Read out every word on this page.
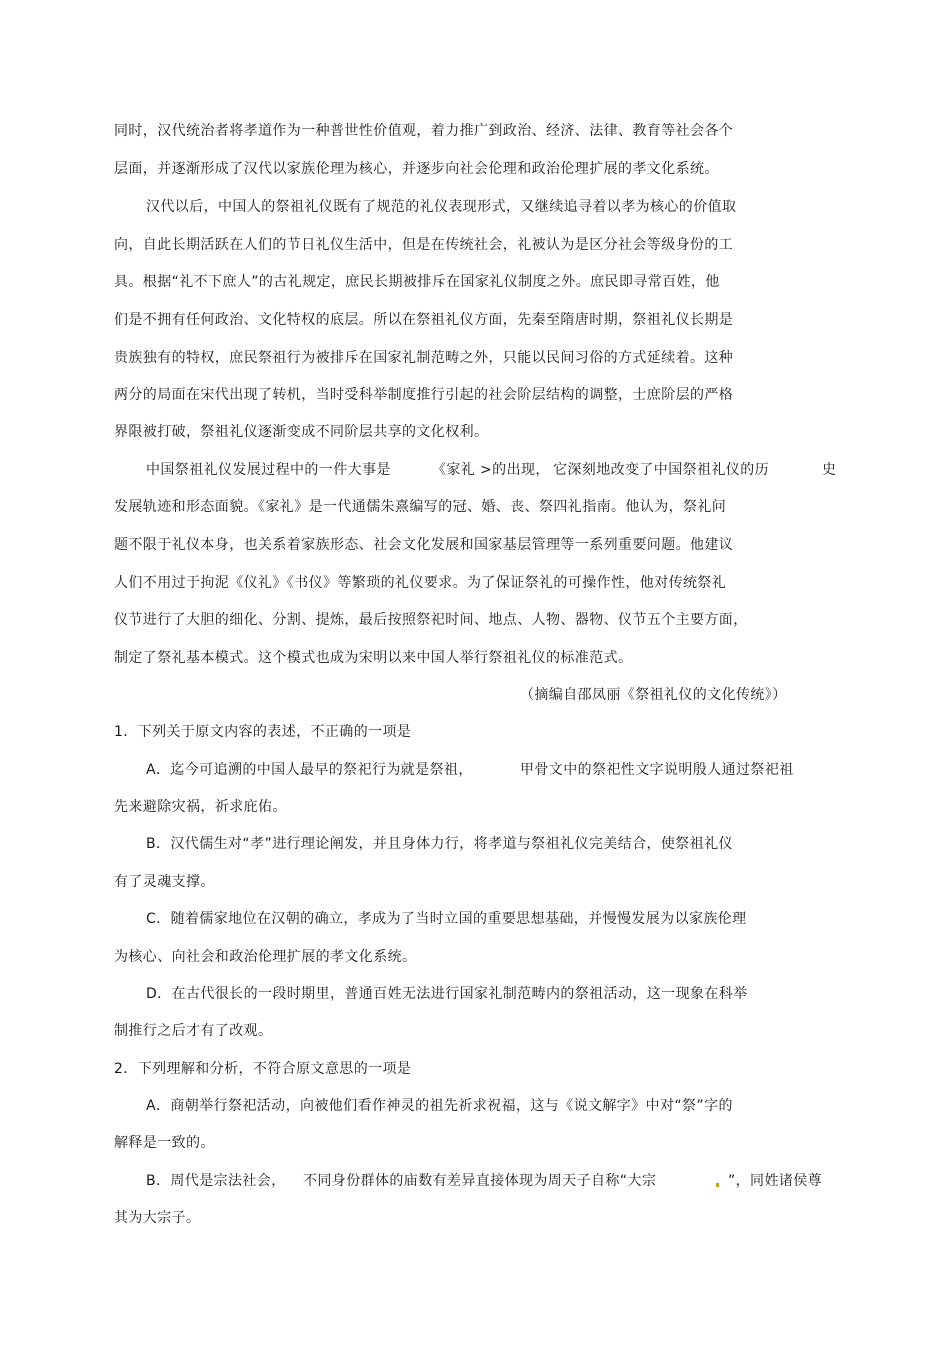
同时，汉代统治者将孝道作为一种普世性价值观，着力推广到政治、经济、法律、教育等社会各个
层面，并逐渐形成了汉代以家族伦理为核心，并逐步向社会伦理和政治伦理扩展的孝文化系统。
汉代以后，中国人的祭祖礼仪既有了规范的礼仪表现形式，又继续追寻着以孝为核心的价值取
向，自此长期活跃在人们的节日礼仪生活中，但是在传统社会，礼被认为是区分社会等级身份的工
具。根据“礼不下庶人”的古礼规定，庶民长期被排斥在国家礼仪制度之外。庶民即寻常百姓，他
们是不拥有任何政治、文化特权的底层。所以在祭祖礼仪方面，先秦至隋唐时期，祭祖礼仪长期是
贵族独有的特权，庶民祭祖行为被排斥在国家礼制范畴之外，只能以民间习俗的方式延续着。这种
两分的局面在宋代出现了转机，当时受科举制度推行引起的社会阶层结构的调整，士庶阶层的严格
界限被打破，祭祖礼仪逐渐变成不同阶层共享的文化权利。
中国祭祖礼仪发展过程中的一件大事是	《家礼 >的出现， 它深刻地改变了中国祭祖礼仪的历	史
发展轨迹和形态面貌。《家礼》是一代通儒朱熹编写的冠、婚、丧、祭四礼指南。他认为，祭礼问
题不限于礼仪本身，也关系着家族形态、社会文化发展和国家基层管理等一系列重要问题。他建议
人们不用过于拘泥《仪礼》《书仪》等繁琐的礼仪要求。为了保证祭礼的可操作性，他对传统祭礼
仪节进行了大胆的细化、分割、提炼，最后按照祭祀时间、地点、人物、器物、仪节五个主要方面，
制定了祭礼基本模式。这个模式也成为宋明以来中国人举行祭祖礼仪的标准范式。
（摘编自邵凤丽《祭祖礼仪的文化传统》）
1．下列关于原文内容的表述，不正确的一项是
A．迄今可追溯的中国人最早的祭祀行为就是祭祖，	甲骨文中的祭祀性文字说明殷人通过祭祀祖
先来避除灾祸，祈求庇佑。
B．汉代儒生对“孝”进行理论阐发，并且身体力行，将孝道与祭祖礼仪完美结合，使祭祖礼仪
有了灵魂支撑。
C．随着儒家地位在汉朝的确立，孝成为了当时立国的重要思想基础，并慢慢发展为以家族伦理
为核心、向社会和政治伦理扩展的孝文化系统。
D．在古代很长的一段时期里，普通百姓无法进行国家礼制范畴内的祭祖活动，这一现象在科举
制推行之后才有了改观。
2．下列理解和分析，不符合原文意思的一项是
A．商朝举行祭祀活动，向被他们看作神灵的祖先祈求祝福，这与《说文解字》中对“祭”字的
解释是一致的。
B．周代是宗法社会， 不同身份群体的庙数有差异直接体现为周天子自称“大宗	”，同姓诸侯尊
其为大宗子。
